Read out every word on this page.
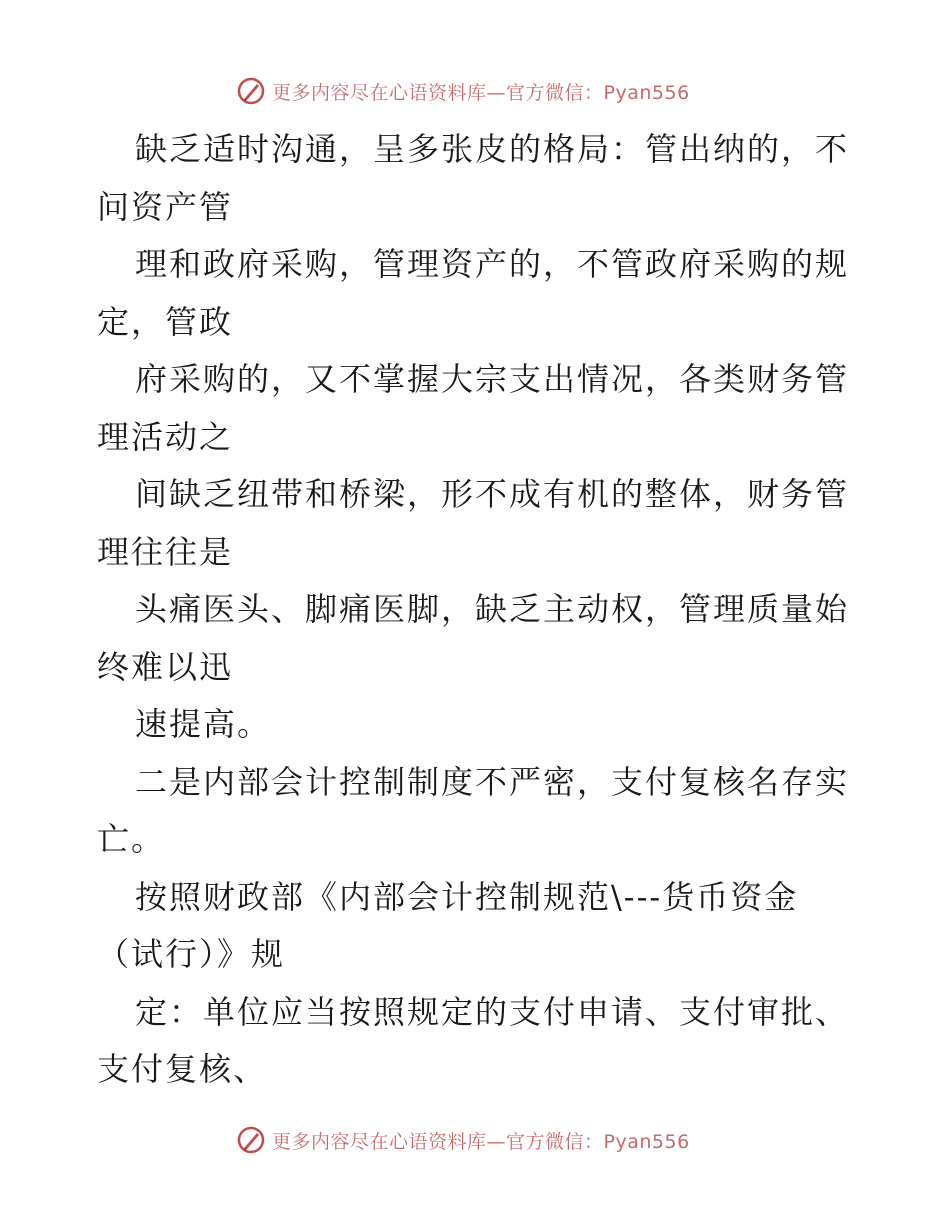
更多内容尽在心语资料库—官方微信：Pyan556
缺乏适时沟通，呈多张皮的格局：管出纳的，不
问资产管
理和政府采购，管理资产的，不管政府采购的规
定，管政
府采购的，又不掌握大宗支出情况，各类财务管
理活动之
间缺乏纽带和桥梁，形不成有机的整体，财务管
理往往是
头痛医头、脚痛医脚，缺乏主动权，管理质量始
终难以迅
速提高。
二是内部会计控制制度不严密，支付复核名存实
亡。
按照财政部《内部会计控制规范\---货币资金
（试行）》规
定：单位应当按照规定的支付申请、支付审批、
支付复核、
更多内容尽在心语资料库—官方微信：Pyan556
